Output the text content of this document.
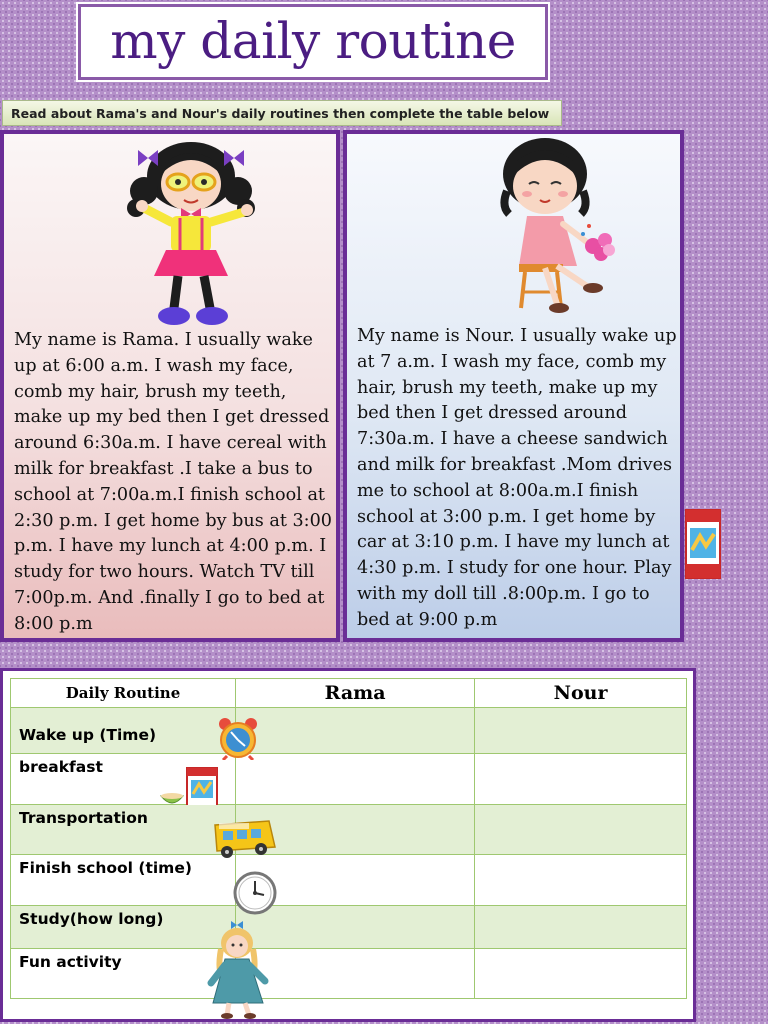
my daily routine
Read about Rama's and Nour's daily routines then complete the table below

My name is Rama. I usually wake up at 6:00 a.m. I wash my face, comb my hair, brush my teeth, make up my bed then I get dressed around 6:30a.m. I have cereal with milk for breakfast .I take a bus to school at 7:00a.m.I finish school at 2:30 p.m. I get home by bus at 3:00 p.m. I have my lunch at 4:00 p.m. I study for two hours. Watch TV till 7:00p.m. And .finally I go to bed at 8:00 p.m

My name is Nour. I usually wake up at 7 a.m. I wash my face, comb my hair, brush my teeth, make up my bed then I get dressed around 7:30a.m. I have a cheese sandwich and milk for breakfast .Mom drives me to school at 8:00a.m.I finish school at 3:00 p.m. I get home by car at 3:10 p.m. I have my lunch at 4:30 p.m. I study for one hour. Play with my doll till .8:00p.m. I go to bed at 9:00 p.m

Daily Routine	Rama	Nour
Wake up (Time)

breakfast

Transportation

Finish school (time)

Study(how long)		
Fun activity
